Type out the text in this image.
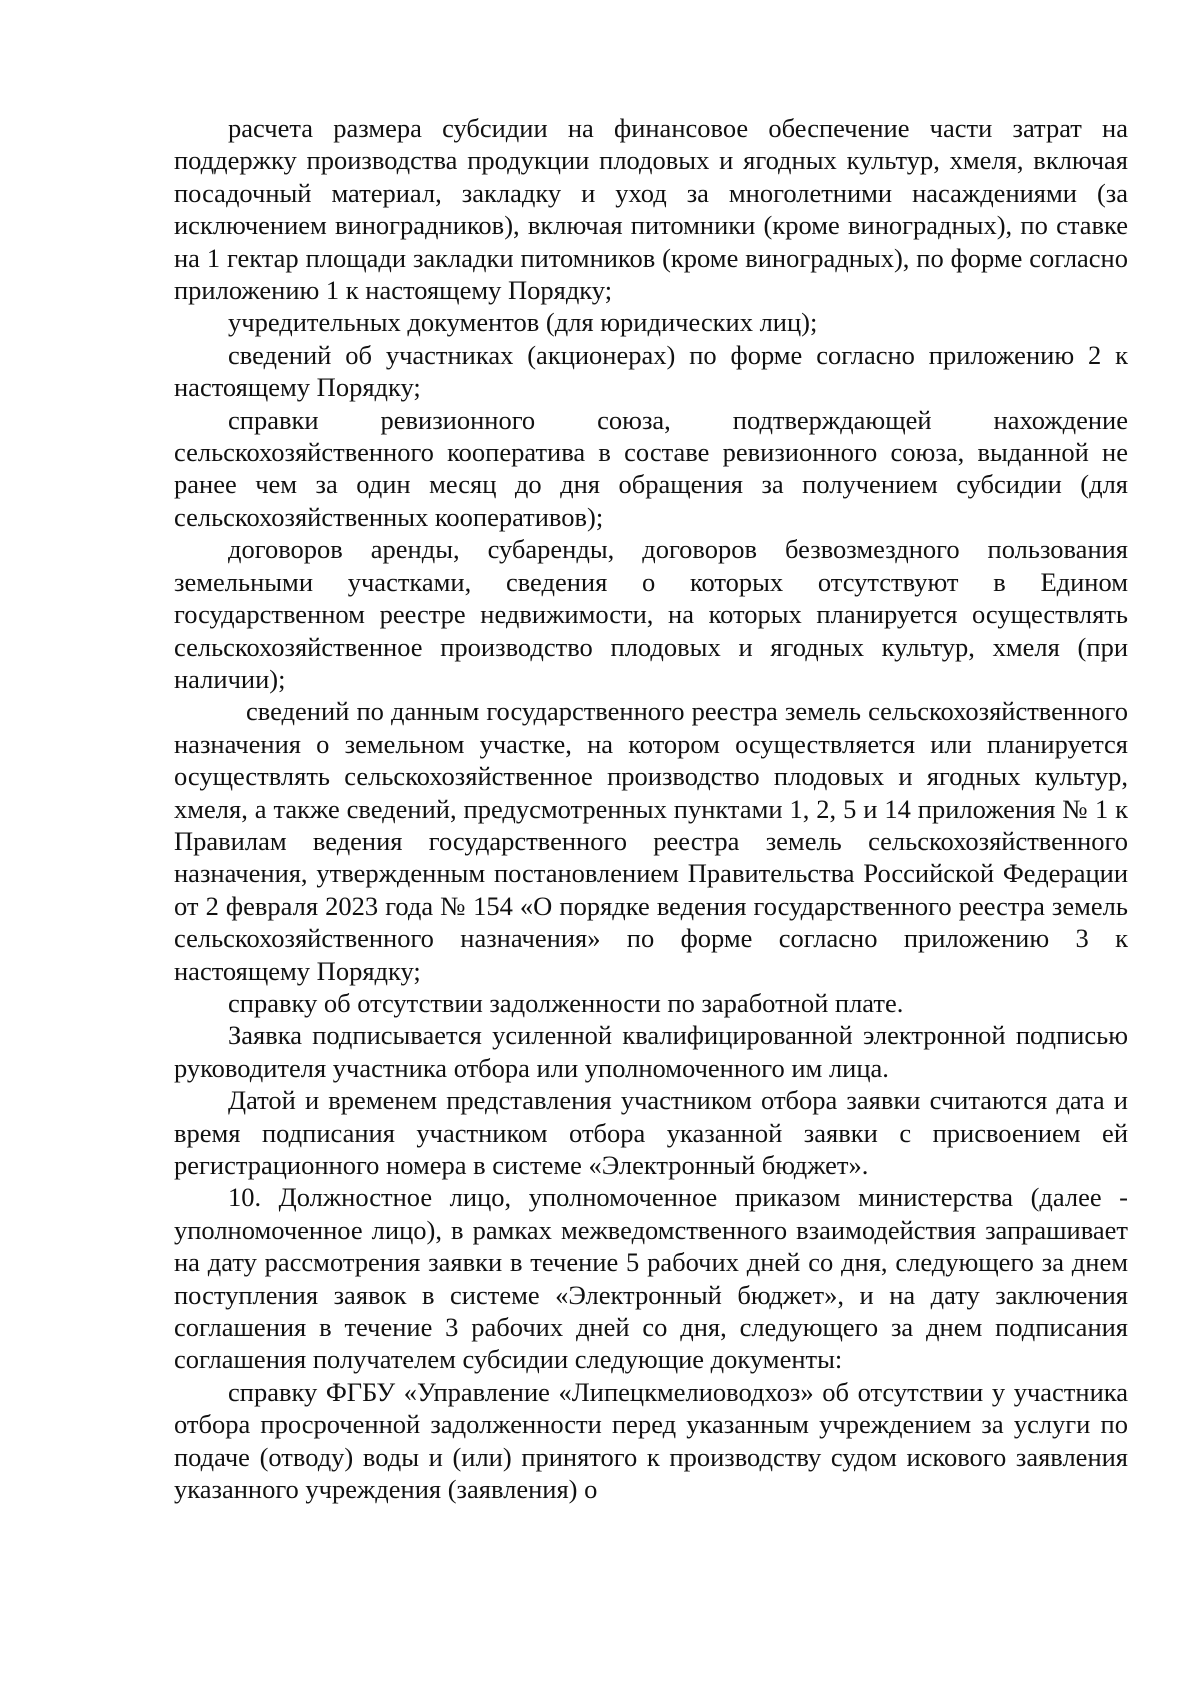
расчета размера субсидии на финансовое обеспечение части затрат на поддержку производства продукции плодовых и ягодных культур, хмеля, включая посадочный материал, закладку и уход за многолетними насаждениями (за исключением виноградников), включая питомники (кроме виноградных), по ставке на 1 гектар площади закладки питомников (кроме виноградных), по форме согласно приложению 1 к настоящему Порядку;

учредительных документов (для юридических лиц);

сведений об участниках (акционерах) по форме согласно приложению 2 к настоящему Порядку;

справки ревизионного союза, подтверждающей нахождение сельскохозяйственного кооператива в составе ревизионного союза, выданной не ранее чем за один месяц до дня обращения за получением субсидии (для сельскохозяйственных кооперативов);

договоров аренды, субаренды, договоров безвозмездного пользования земельными участками, сведения о которых отсутствуют в Едином государственном реестре недвижимости, на которых планируется осуществлять сельскохозяйственное производство плодовых и ягодных культур, хмеля (при наличии);

сведений по данным государственного реестра земель сельскохозяйственного назначения о земельном участке, на котором осуществляется или планируется осуществлять сельскохозяйственное производство плодовых и ягодных культур, хмеля, а также сведений, предусмотренных пунктами 1, 2, 5 и 14 приложения № 1 к Правилам ведения государственного реестра земель сельскохозяйственного назначения, утвержденным постановлением Правительства Российской Федерации от 2 февраля 2023 года № 154 «О порядке ведения государственного реестра земель сельскохозяйственного назначения» по форме согласно приложению 3 к настоящему Порядку;

справку об отсутствии задолженности по заработной плате.

Заявка подписывается усиленной квалифицированной электронной подписью руководителя участника отбора или уполномоченного им лица.

Датой и временем представления участником отбора заявки считаются дата и время подписания участником отбора указанной заявки с присвоением ей регистрационного номера в системе «Электронный бюджет».

10. Должностное лицо, уполномоченное приказом министерства (далее - уполномоченное лицо), в рамках межведомственного взаимодействия запрашивает на дату рассмотрения заявки в течение 5 рабочих дней со дня, следующего за днем поступления заявок в системе «Электронный бюджет», и на дату заключения соглашения в течение 3 рабочих дней со дня, следующего за днем подписания соглашения получателем субсидии следующие документы:

справку ФГБУ «Управление «Липецкмелиоводхоз» об отсутствии у участника отбора просроченной задолженности перед указанным учреждением за услуги по подаче (отводу) воды и (или) принятого к производству судом искового заявления указанного учреждения (заявления) о
